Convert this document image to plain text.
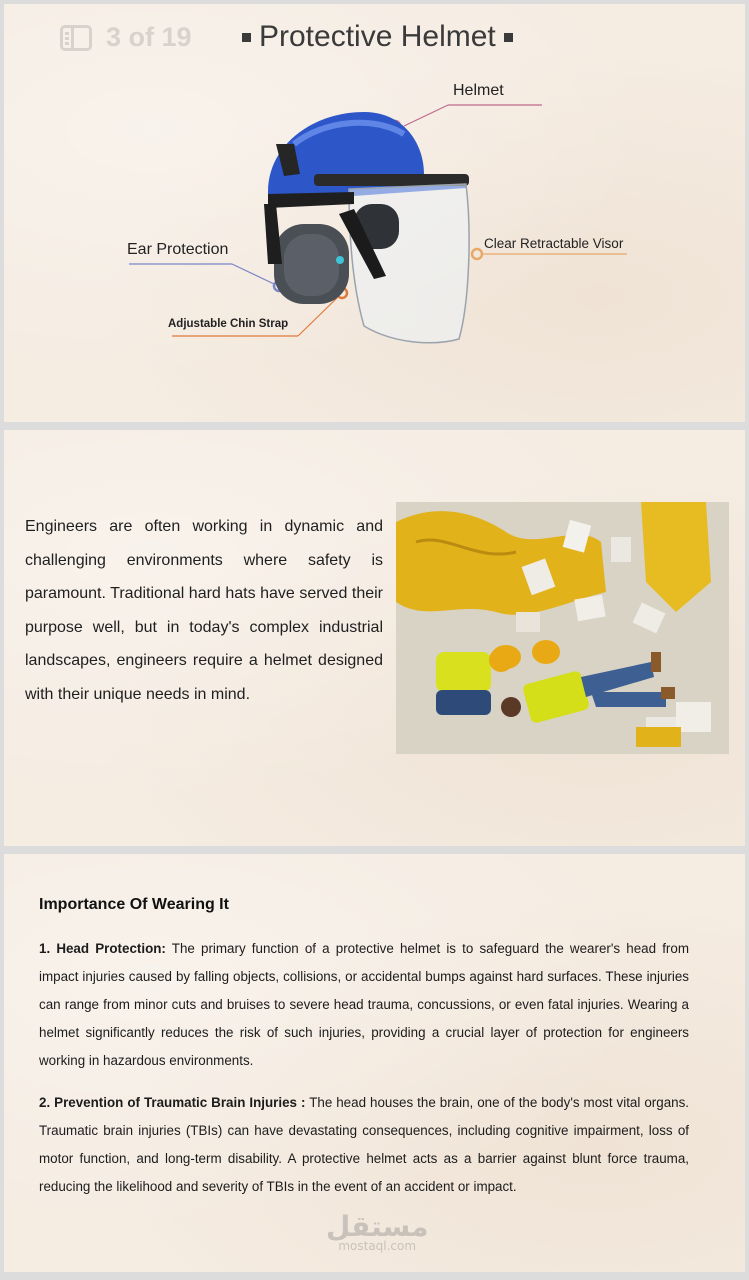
3 of 19 Protective Helmet
Helmet
Ear Protection	Clear Retractable Visor
Adjustable Chin Strap

Engineers are often working in dynamic and challenging environments where safety is paramount. Traditional hard hats have served their purpose well, but in today's complex industrial landscapes, engineers require a helmet designed with their unique needs in mind.

Importance Of Wearing It

1. Head Protection: The primary function of a protective helmet is to safeguard the wearer's head from impact injuries caused by falling objects, collisions, or accidental bumps against hard surfaces. These injuries can range from minor cuts and bruises to severe head trauma, concussions, or even fatal injuries. Wearing a helmet significantly reduces the risk of such injuries, providing a crucial layer of protection for engineers working in hazardous environments.

2. Prevention of Traumatic Brain Injuries : The head houses the brain, one of the body's most vital organs. Traumatic brain injuries (TBIs) can have devastating consequences, including cognitive impairment, loss of motor function, and long-term disability. A protective helmet acts as a barrier against blunt force trauma, reducing the likelihood and severity of TBIs in the event of an accident or impact.

مستقل
mostaql.com
